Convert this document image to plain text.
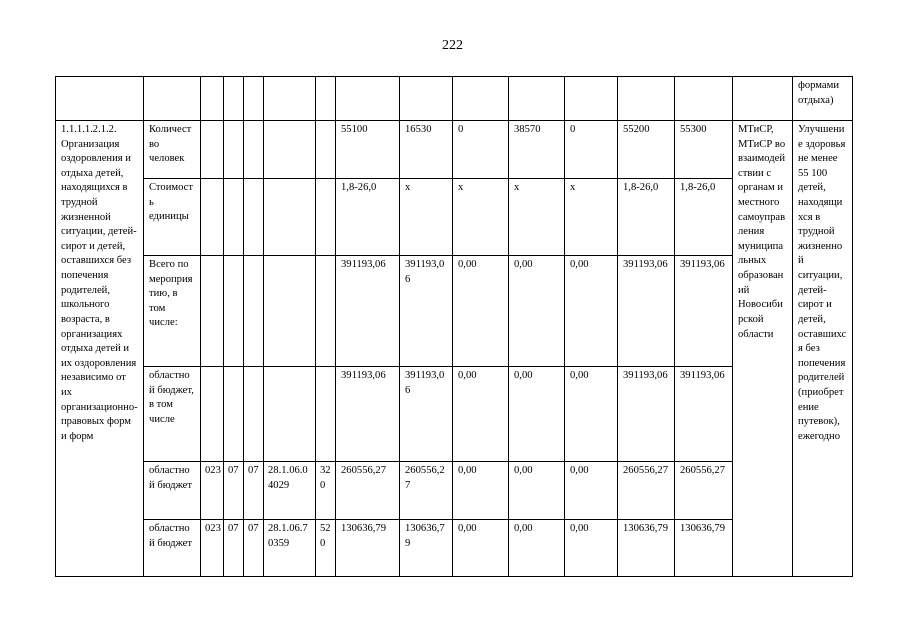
222
															формами отдыха)
1.1.1.1.2.1.2. Организация оздоровления и отдыха детей, находящихся в трудной жизненной ситуации, детей-сирот и детей, оставшихся без попечения родителей, школьного возраста, в организациях отдыха детей и их оздоровления независимо от их организационно-правовых форм и форм	Количество человек						55100	16530	0	38570	0	55200	55300	МТиСР, МТиСР во взаимодействии с органам и местного самоуправления муниципальных образований Новосибирской области	Улучшение здоровья не менее 55 100 детей, находящихся в трудной жизненной ситуации, детей-сирот и детей, оставшихся без попечения родителей (приобретение путевок), ежегодно
	Стоимость единицы						1,8-26,0	х	х	х	х	1,8-26,0	1,8-26,0		
	Всего по мероприятию, в том числе:						391193,06	391193,06	0,00	0,00	0,00	391193,06	391193,06		
	областной бюджет, в том числе						391193,06	391193,06	0,00	0,00	0,00	391193,06	391193,06		
	областной бюджет	023	07	07	28.1.06.04029	320	260556,27	260556,27	0,00	0,00	0,00	260556,27	260556,27		
	областной бюджет	023	07	07	28.1.06.70359	520	130636,79	130636,79	0,00	0,00	0,00	130636,79	130636,79		
